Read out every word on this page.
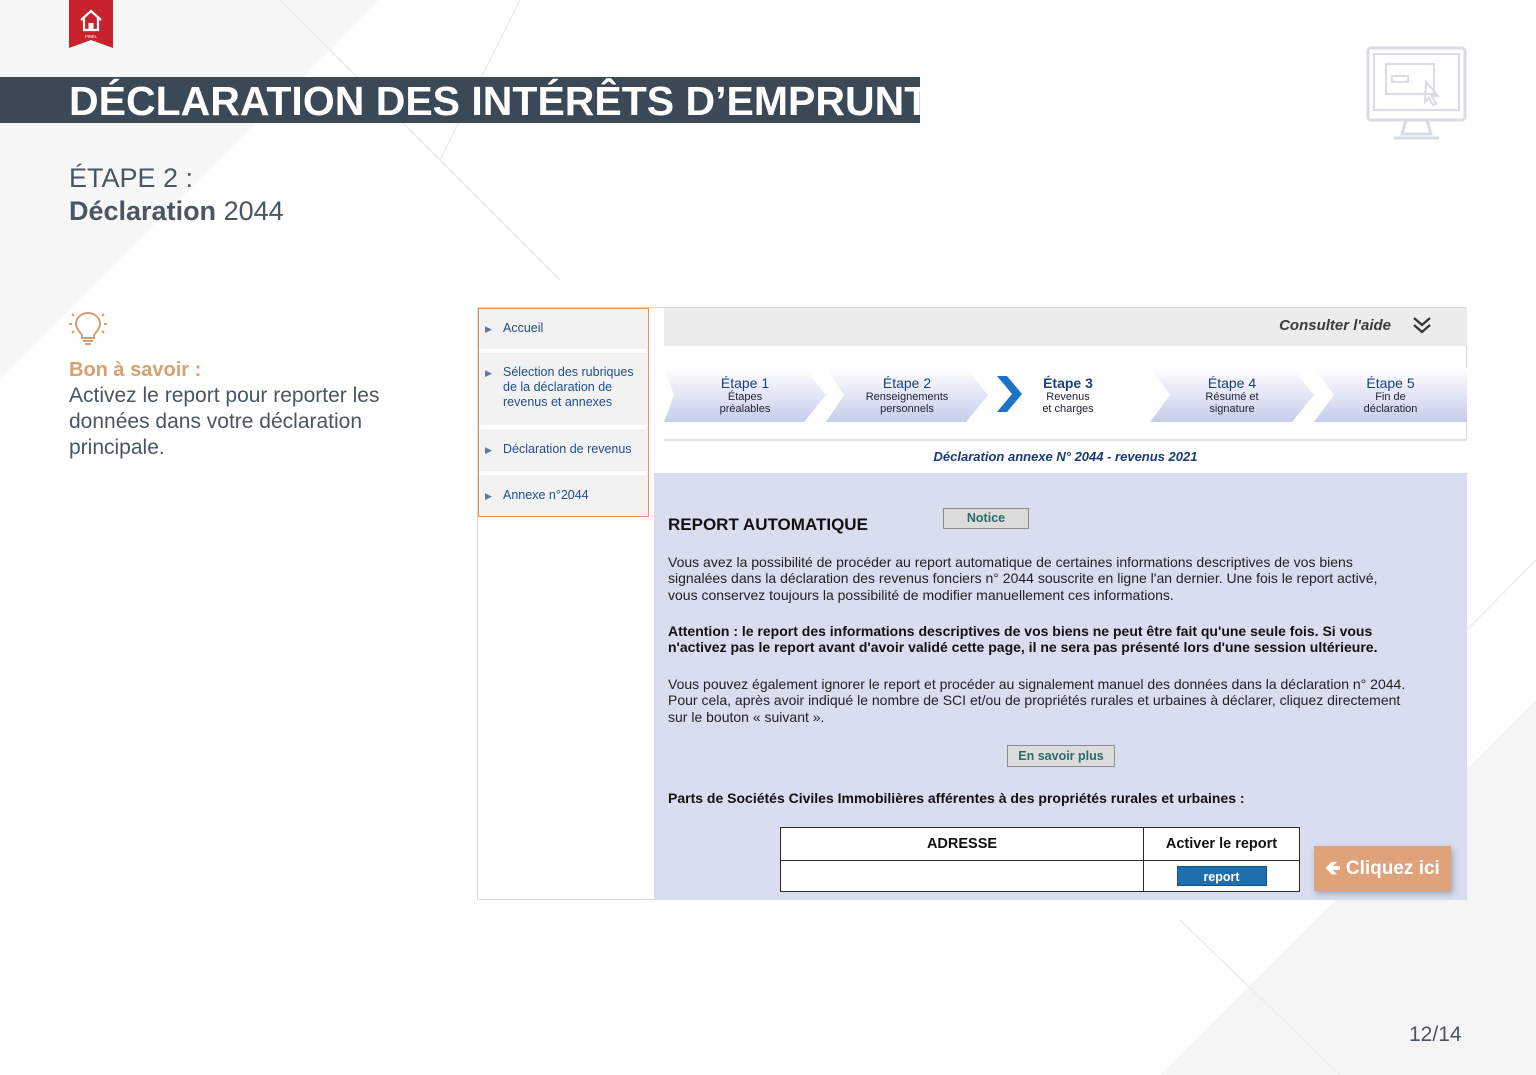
PINEL
DÉCLARATION DES INTÉRÊTS D’EMPRUNT
ÉTAPE 2 :
Déclaration 2044
Bon à savoir :
Activez le report pour reporter les données dans votre déclaration principale.
▶ Accueil
▶ Sélection des rubriques de la déclaration de revenus et annexes
▶ Déclaration de revenus
▶ Annexe n°2044
Consulter l'aide
Étape 1
Étapes
préalables
Étape 2
Renseignements
personnels
Étape 3
Revenus
et charges
Étape 4
Résumé et
signature
Étape 5
Fin de
déclaration
Déclaration annexe N° 2044 - revenus 2021
REPORT AUTOMATIQUE	Notice
Vous avez la possibilité de procéder au report automatique de certaines informations descriptives de vos biens signalées dans la déclaration des revenus fonciers n° 2044 souscrite en ligne l'an dernier. Une fois le report activé, vous conservez toujours la possibilité de modifier manuellement ces informations.
Attention : le report des informations descriptives de vos biens ne peut être fait qu'une seule fois. Si vous n'activez pas le report avant d'avoir validé cette page, il ne sera pas présenté lors d'une session ultérieure.
Vous pouvez également ignorer le report et procéder au signalement manuel des données dans la déclaration n° 2044. Pour cela, après avoir indiqué le nombre de SCI et/ou de propriétés rurales et urbaines à déclarer, cliquez directement sur le bouton « suivant ».
En savoir plus
Parts de Sociétés Civiles Immobilières afférentes à des propriétés rurales et urbaines :
ADRESSE	Activer le report
	report	🡸 Cliquez ici
12/14
